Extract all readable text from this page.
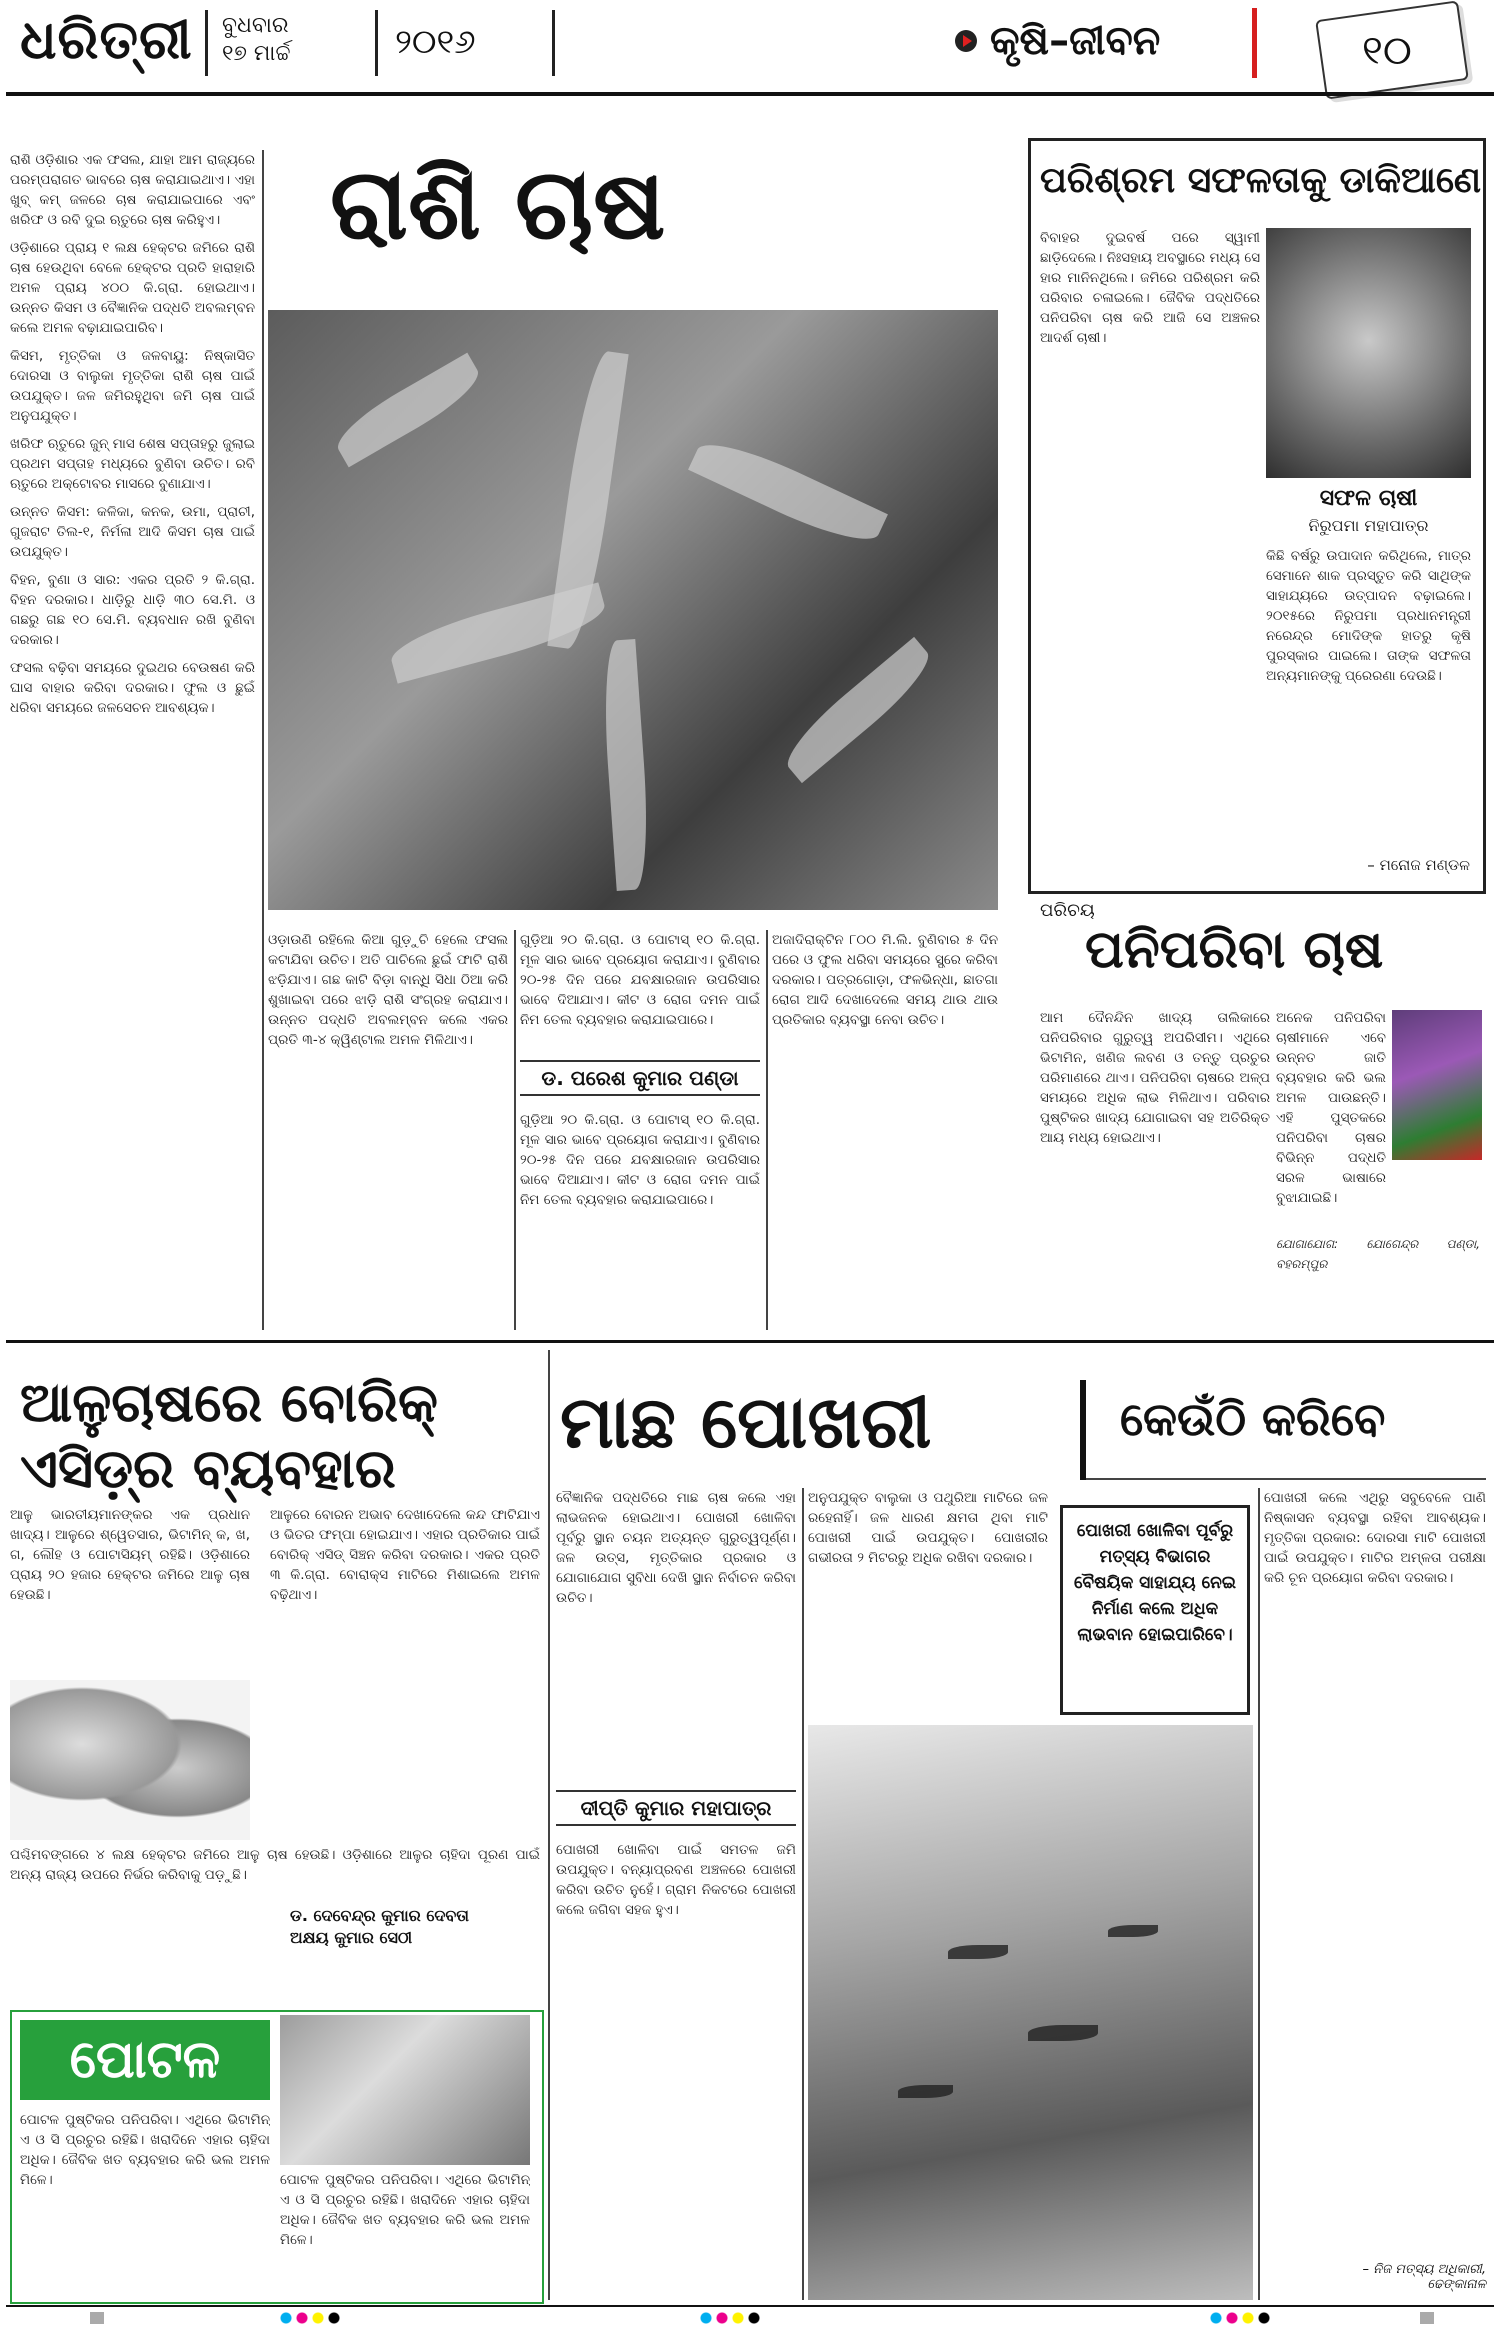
ଧରିତ୍ରୀ ବୁଧବାର
୧୭ ମାର୍ଚ୍ଚ	୨୦୧୬	କୃଷି–ଜୀବନ	୧୦
ରାଶି ଚାଷ

ରାଶି ଓଡ଼ିଶାର ଏକ ଫସଲ, ଯାହା ଆମ ରାଜ୍ୟରେ ପରମ୍ପରାଗତ ଭାବରେ ଚାଷ କରାଯାଇଥାଏ। ଏହା ଖୁବ୍ କମ୍ ଜଳରେ ଚାଷ କରାଯାଇପାରେ ଏବଂ ଖରିଫ ଓ ରବି ଦୁଇ ଋତୁରେ ଚାଷ କରିହୁଏ।

ଓଡ଼ିଶାରେ ପ୍ରାୟ ୧ ଲକ୍ଷ ହେକ୍ଟର ଜମିରେ ରାଶି ଚାଷ ହେଉଥିବା ବେଳେ ହେକ୍ଟର ପ୍ରତି ହାରାହାରି ଅମଳ ପ୍ରାୟ ୪୦୦ କି.ଗ୍ରା. ହୋଇଥାଏ। ଉନ୍ନତ କିସମ ଓ ବୈଜ୍ଞାନିକ ପଦ୍ଧତି ଅବଲମ୍ବନ କଲେ ଅମଳ ବଢ଼ାଯାଇପାରିବ।

କିସମ, ମୃତ୍ତିକା ଓ ଜଳବାୟୁ: ନିଷ୍କାସିତ ଦୋରସା ଓ ବାଲୁକା ମୃତ୍ତିକା ରାଶି ଚାଷ ପାଇଁ ଉପଯୁକ୍ତ। ଜଳ ଜମିରହୁଥିବା ଜମି ଚାଷ ପାଇଁ ଅନୁପଯୁକ୍ତ।

ଖରିଫ ଋତୁରେ ଜୁନ୍ ମାସ ଶେଷ ସପ୍ତାହରୁ ଜୁଲାଇ ପ୍ରଥମ ସପ୍ତାହ ମଧ୍ୟରେ ବୁଣିବା ଉଚିତ। ରବି ଋତୁରେ ଅକ୍ଟୋବର ମାସରେ ବୁଣାଯାଏ।

ଉନ୍ନତ କିସମ: କଳିକା, କନକ, ଉମା, ପ୍ରାଚୀ, ଗୁଜରାଟ ତିଲ-୧, ନିର୍ମଳା ଆଦି କିସମ ଚାଷ ପାଇଁ ଉପଯୁକ୍ତ।

ବିହନ, ବୁଣା ଓ ସାର: ଏକର ପ୍ରତି ୨ କି.ଗ୍ରା. ବିହନ ଦରକାର। ଧାଡ଼ିରୁ ଧାଡ଼ି ୩୦ ସେ.ମି. ଓ ଗଛରୁ ଗଛ ୧୦ ସେ.ମି. ବ୍ୟବଧାନ ରଖି ବୁଣିବା ଦରକାର।

ଫସଲ ବଢ଼ିବା ସମୟରେ ଦୁଇଥର ବେଉଷଣ କରି ଘାସ ବାହାର କରିବା ଦରକାର। ଫୁଲ ଓ ଛୁଇଁ ଧରିବା ସମୟରେ ଜଳସେଚନ ଆବଶ୍ୟକ।

ଓଡ଼ାଉଣି ରହିଲେ କିଆ ଗୁଡ଼ୁଚି ହେଲେ ଫସଲ କଟାଯିବା ଉଚିତ। ଅତି ପାଚିଲେ ଛୁଇଁ ଫାଟି ରାଶି ଝଡ଼ିଯାଏ। ଗଛ କାଟି ବିଡ଼ା ବାନ୍ଧି ସିଧା ଠିଆ କରି ଶୁଖାଇବା ପରେ ଝାଡ଼ି ରାଶି ସଂଗ୍ରହ କରାଯାଏ। ଉନ୍ନତ ପଦ୍ଧତି ଅବଲମ୍ବନ କଲେ ଏକର ପ୍ରତି ୩-୪ କ୍ୱିଣ୍ଟାଲ ଅମଳ ମିଳିଥାଏ।

ଗୁଡ଼ିଆ ୨୦ କି.ଗ୍ରା. ଓ ପୋଟାସ୍ ୧୦ କି.ଗ୍ରା. ମୂଳ ସାର ଭାବେ ପ୍ରୟୋଗ କରାଯାଏ। ବୁଣିବାର ୨୦-୨୫ ଦିନ ପରେ ଯବକ୍ଷାରଜାନ ଉପରିସାର ଭାବେ ଦିଆଯାଏ। କୀଟ ଓ ରୋଗ ଦମନ ପାଇଁ ନିମ ତେଲ ବ୍ୟବହାର କରାଯାଇପାରେ।

ଡ. ପରେଶ କୁମାର ପଣ୍ଡା

ଗୁଡ଼ିଆ ୨୦ କି.ଗ୍ରା. ଓ ପୋଟାସ୍ ୧୦ କି.ଗ୍ରା. ମୂଳ ସାର ଭାବେ ପ୍ରୟୋଗ କରାଯାଏ। ବୁଣିବାର ୨୦-୨୫ ଦିନ ପରେ ଯବକ୍ଷାରଜାନ ଉପରିସାର ଭାବେ ଦିଆଯାଏ। କୀଟ ଓ ରୋଗ ଦମନ ପାଇଁ ନିମ ତେଲ ବ୍ୟବହାର କରାଯାଇପାରେ।

ଅଜାଦିରାକ୍ଟିନ ୮୦୦ ମି.ଲି. ବୁଣିବାର ୫ ଦିନ ପରେ ଓ ଫୁଲ ଧରିବା ସମୟରେ ସ୍ପ୍ରେ କରିବା ଦରକାର। ପତ୍ରଗୋଡ଼ା, ଫଳଭିନ୍ଧା, ଛାତଗା ରୋଗ ଆଦି ଦେଖାଦେଲେ ସମୟ ଥାଉ ଥାଉ ପ୍ରତିକାର ବ୍ୟବସ୍ଥା ନେବା ଉଚିତ।

ପରିଶ୍ରମ ସଫଳତାକୁ ଡାକିଆଣେ

ବିବାହର ଦୁଇବର୍ଷ ପରେ ସ୍ୱାମୀ ଛାଡ଼ିଦେଲେ। ନିଃସହାୟ ଅବସ୍ଥାରେ ମଧ୍ୟ ସେ ହାର ମାନିନଥିଲେ। ଜମିରେ ପରିଶ୍ରମ କରି ପରିବାର ଚଳାଇଲେ। ଜୈବିକ ପଦ୍ଧତିରେ ପନିପରିବା ଚାଷ କରି ଆଜି ସେ ଅଞ୍ଚଳର ଆଦର୍ଶ ଚାଷୀ।

ସଫଳ ଚାଷୀ
ନିରୁପମା ମହାପାତ୍ର

କିଛି ବର୍ଷରୁ ଉପାଦାନ କରିଥିଲେ, ମାତ୍ର ସେମାନେ ଶାକ ପ୍ରସ୍ତୁତ କରି ସାଥିଙ୍କ ସାହାଯ୍ୟରେ ଉତ୍ପାଦନ ବଢ଼ାଇଲେ। ୨୦୧୫ରେ ନିରୁପମା ପ୍ରଧାନମନ୍ତ୍ରୀ ନରେନ୍ଦ୍ର ମୋଦିଙ୍କ ହାତରୁ କୃଷି ପୁରସ୍କାର ପାଇଲେ। ତାଙ୍କ ସଫଳତା ଅନ୍ୟମାନଙ୍କୁ ପ୍ରେରଣା ଦେଉଛି।

– ମନୋଜ ମଣ୍ଡଳ
ପରିଚୟ
ପନିପରିବା ଚାଷ

ଆମ ଦୈନନ୍ଦିନ ଖାଦ୍ୟ ତାଲିକାରେ ପନିପରିବାର ଗୁରୁତ୍ୱ ଅପରିସୀମ। ଏଥିରେ ଭିଟାମିନ, ଖଣିଜ ଲବଣ ଓ ତନ୍ତୁ ପ୍ରଚୁର ପରିମାଣରେ ଥାଏ। ପନିପରିବା ଚାଷରେ ଅଳ୍ପ ସମୟରେ ଅଧିକ ଲାଭ ମିଳିଥାଏ। ପରିବାର ପୁଷ୍ଟିକର ଖାଦ୍ୟ ଯୋଗାଇବା ସହ ଅତିରିକ୍ତ ଆୟ ମଧ୍ୟ ହୋଇଥାଏ।

ଅନେକ ପନିପରିବା ଚାଷୀମାନେ ଏବେ ଉନ୍ନତ ଜାତି ବ୍ୟବହାର କରି ଭଲ ଅମଳ ପାଉଛନ୍ତି। ଏହି ପୁସ୍ତକରେ ପନିପରିବା ଚାଷର ବିଭିନ୍ନ ପଦ୍ଧତି ସରଳ ଭାଷାରେ ବୁଝାଯାଇଛି।

ଯୋଗାଯୋଗ: ଯୋଗେନ୍ଦ୍ର ପଣ୍ଡା, ବହରମ୍ପୁର

ଆଳୁଚାଷରେ ବୋରିକ୍
ଏସିଡ଼୍ର ବ୍ୟବହାର

ଆଳୁ ଭାରତୀୟମାନଙ୍କର ଏକ ପ୍ରଧାନ ଖାଦ୍ୟ। ଆଳୁରେ ଶ୍ୱେତସାର, ଭିଟାମିନ୍ କ, ଖ, ଗ, ଲୌହ ଓ ପୋଟାସିୟମ୍ ରହିଛି। ଓଡ଼ିଶାରେ ପ୍ରାୟ ୨୦ ହଜାର ହେକ୍ଟର ଜମିରେ ଆଳୁ ଚାଷ ହେଉଛି।

ପଶ୍ଚିମବଙ୍ଗରେ ୪ ଲକ୍ଷ ହେକ୍ଟର ଜମିରେ ଆଳୁ ଚାଷ ହେଉଛି। ଓଡ଼ିଶାରେ ଆଳୁର ଚାହିଦା ପୂରଣ ପାଇଁ ଅନ୍ୟ ରାଜ୍ୟ ଉପରେ ନିର୍ଭର କରିବାକୁ ପଡ଼ୁଛି।

ଆଳୁରେ ବୋରନ ଅଭାବ ଦେଖାଦେଲେ କନ୍ଦ ଫାଟିଯାଏ ଓ ଭିତର ଫମ୍ପା ହୋଇଯାଏ। ଏହାର ପ୍ରତିକାର ପାଇଁ ବୋରିକ୍ ଏସିଡ୍ ସିଞ୍ଚନ କରିବା ଦରକାର। ଏକର ପ୍ରତି ୩ କି.ଗ୍ରା. ବୋରାକ୍ସ ମାଟିରେ ମିଶାଇଲେ ଅମଳ ବଢ଼ିଥାଏ।

ଡ. ଦେବେନ୍ଦ୍ର କୁମାର ଦେବତା
ଅକ୍ଷୟ କୁମାର ସେଠୀ
ପୋଟଳ

ପୋଟଳ ପୁଷ୍ଟିକର ପନିପରିବା। ଏଥିରେ ଭିଟାମିନ୍ ଏ ଓ ସି ପ୍ରଚୁର ରହିଛି। ଖରାଦିନେ ଏହାର ଚାହିଦା ଅଧିକ। ଜୈବିକ ଖତ ବ୍ୟବହାର କରି ଭଲ ଅମଳ ମିଳେ।	ପୋଟଳ ପୁଷ୍ଟିକର ପନିପରିବା। ଏଥିରେ ଭିଟାମିନ୍ ଏ ଓ ସି ପ୍ରଚୁର ରହିଛି। ଖରାଦିନେ ଏହାର ଚାହିଦା ଅଧିକ। ଜୈବିକ ଖତ ବ୍ୟବହାର କରି ଭଲ ଅମଳ ମିଳେ।

ମାଛ ପୋଖରୀ	କେଉଁଠି କରିବେ

ବୈଜ୍ଞାନିକ ପଦ୍ଧତିରେ ମାଛ ଚାଷ କଲେ ଏହା ଲାଭଜନକ ହୋଇଥାଏ। ପୋଖରୀ ଖୋଳିବା ପୂର୍ବରୁ ସ୍ଥାନ ଚୟନ ଅତ୍ୟନ୍ତ ଗୁରୁତ୍ୱପୂର୍ଣ୍ଣ। ଜଳ ଉତ୍ସ, ମୃତ୍ତିକାର ପ୍ରକାର ଓ ଯୋଗାଯୋଗ ସୁବିଧା ଦେଖି ସ୍ଥାନ ନିର୍ବାଚନ କରିବା ଉଚିତ।

ଦୀପ୍ତି କୁମାର ମହାପାତ୍ର

ପୋଖରୀ ଖୋଳିବା ପାଇଁ ସମତଳ ଜମି ଉପଯୁକ୍ତ। ବନ୍ୟାପ୍ରବଣ ଅଞ୍ଚଳରେ ପୋଖରୀ କରିବା ଉଚିତ ନୁହେଁ। ଗ୍ରାମ ନିକଟରେ ପୋଖରୀ କଲେ ଜଗିବା ସହଜ ହୁଏ।

ଅନୁପଯୁକ୍ତ ବାଲୁକା ଓ ପଥୁରିଆ ମାଟିରେ ଜଳ ରହେନାହିଁ। ଜଳ ଧାରଣ କ୍ଷମତା ଥିବା ମାଟି ପୋଖରୀ ପାଇଁ ଉପଯୁକ୍ତ। ପୋଖରୀର ଗଭୀରତା ୨ ମିଟରରୁ ଅଧିକ ରଖିବା ଦରକାର।

ପୋଖରୀ ଖୋଳିବା ପୂର୍ବରୁ ମତ୍ସ୍ୟ ବିଭାଗର ବୈଷୟିକ ସାହାଯ୍ୟ ନେଇ ନିର୍ମାଣ କଲେ ଅଧିକ ଲାଭବାନ ହୋଇପାରିବେ।

ପୋଖରୀ କଲେ ଏଥିରୁ ସବୁବେଳେ ପାଣି ନିଷ୍କାସନ ବ୍ୟବସ୍ଥା ରହିବା ଆବଶ୍ୟକ। ମୃତ୍ତିକା ପ୍ରକାର: ଦୋରସା ମାଟି ପୋଖରୀ ପାଇଁ ଉପଯୁକ୍ତ। ମାଟିର ଅମ୍ଳତା ପରୀକ୍ଷା କରି ଚୂନ ପ୍ରୟୋଗ କରିବା ଦରକାର।

– ନିଜ ମତ୍ସ୍ୟ ଅଧିକାରୀ,
ଢେଙ୍କାନାଳ
